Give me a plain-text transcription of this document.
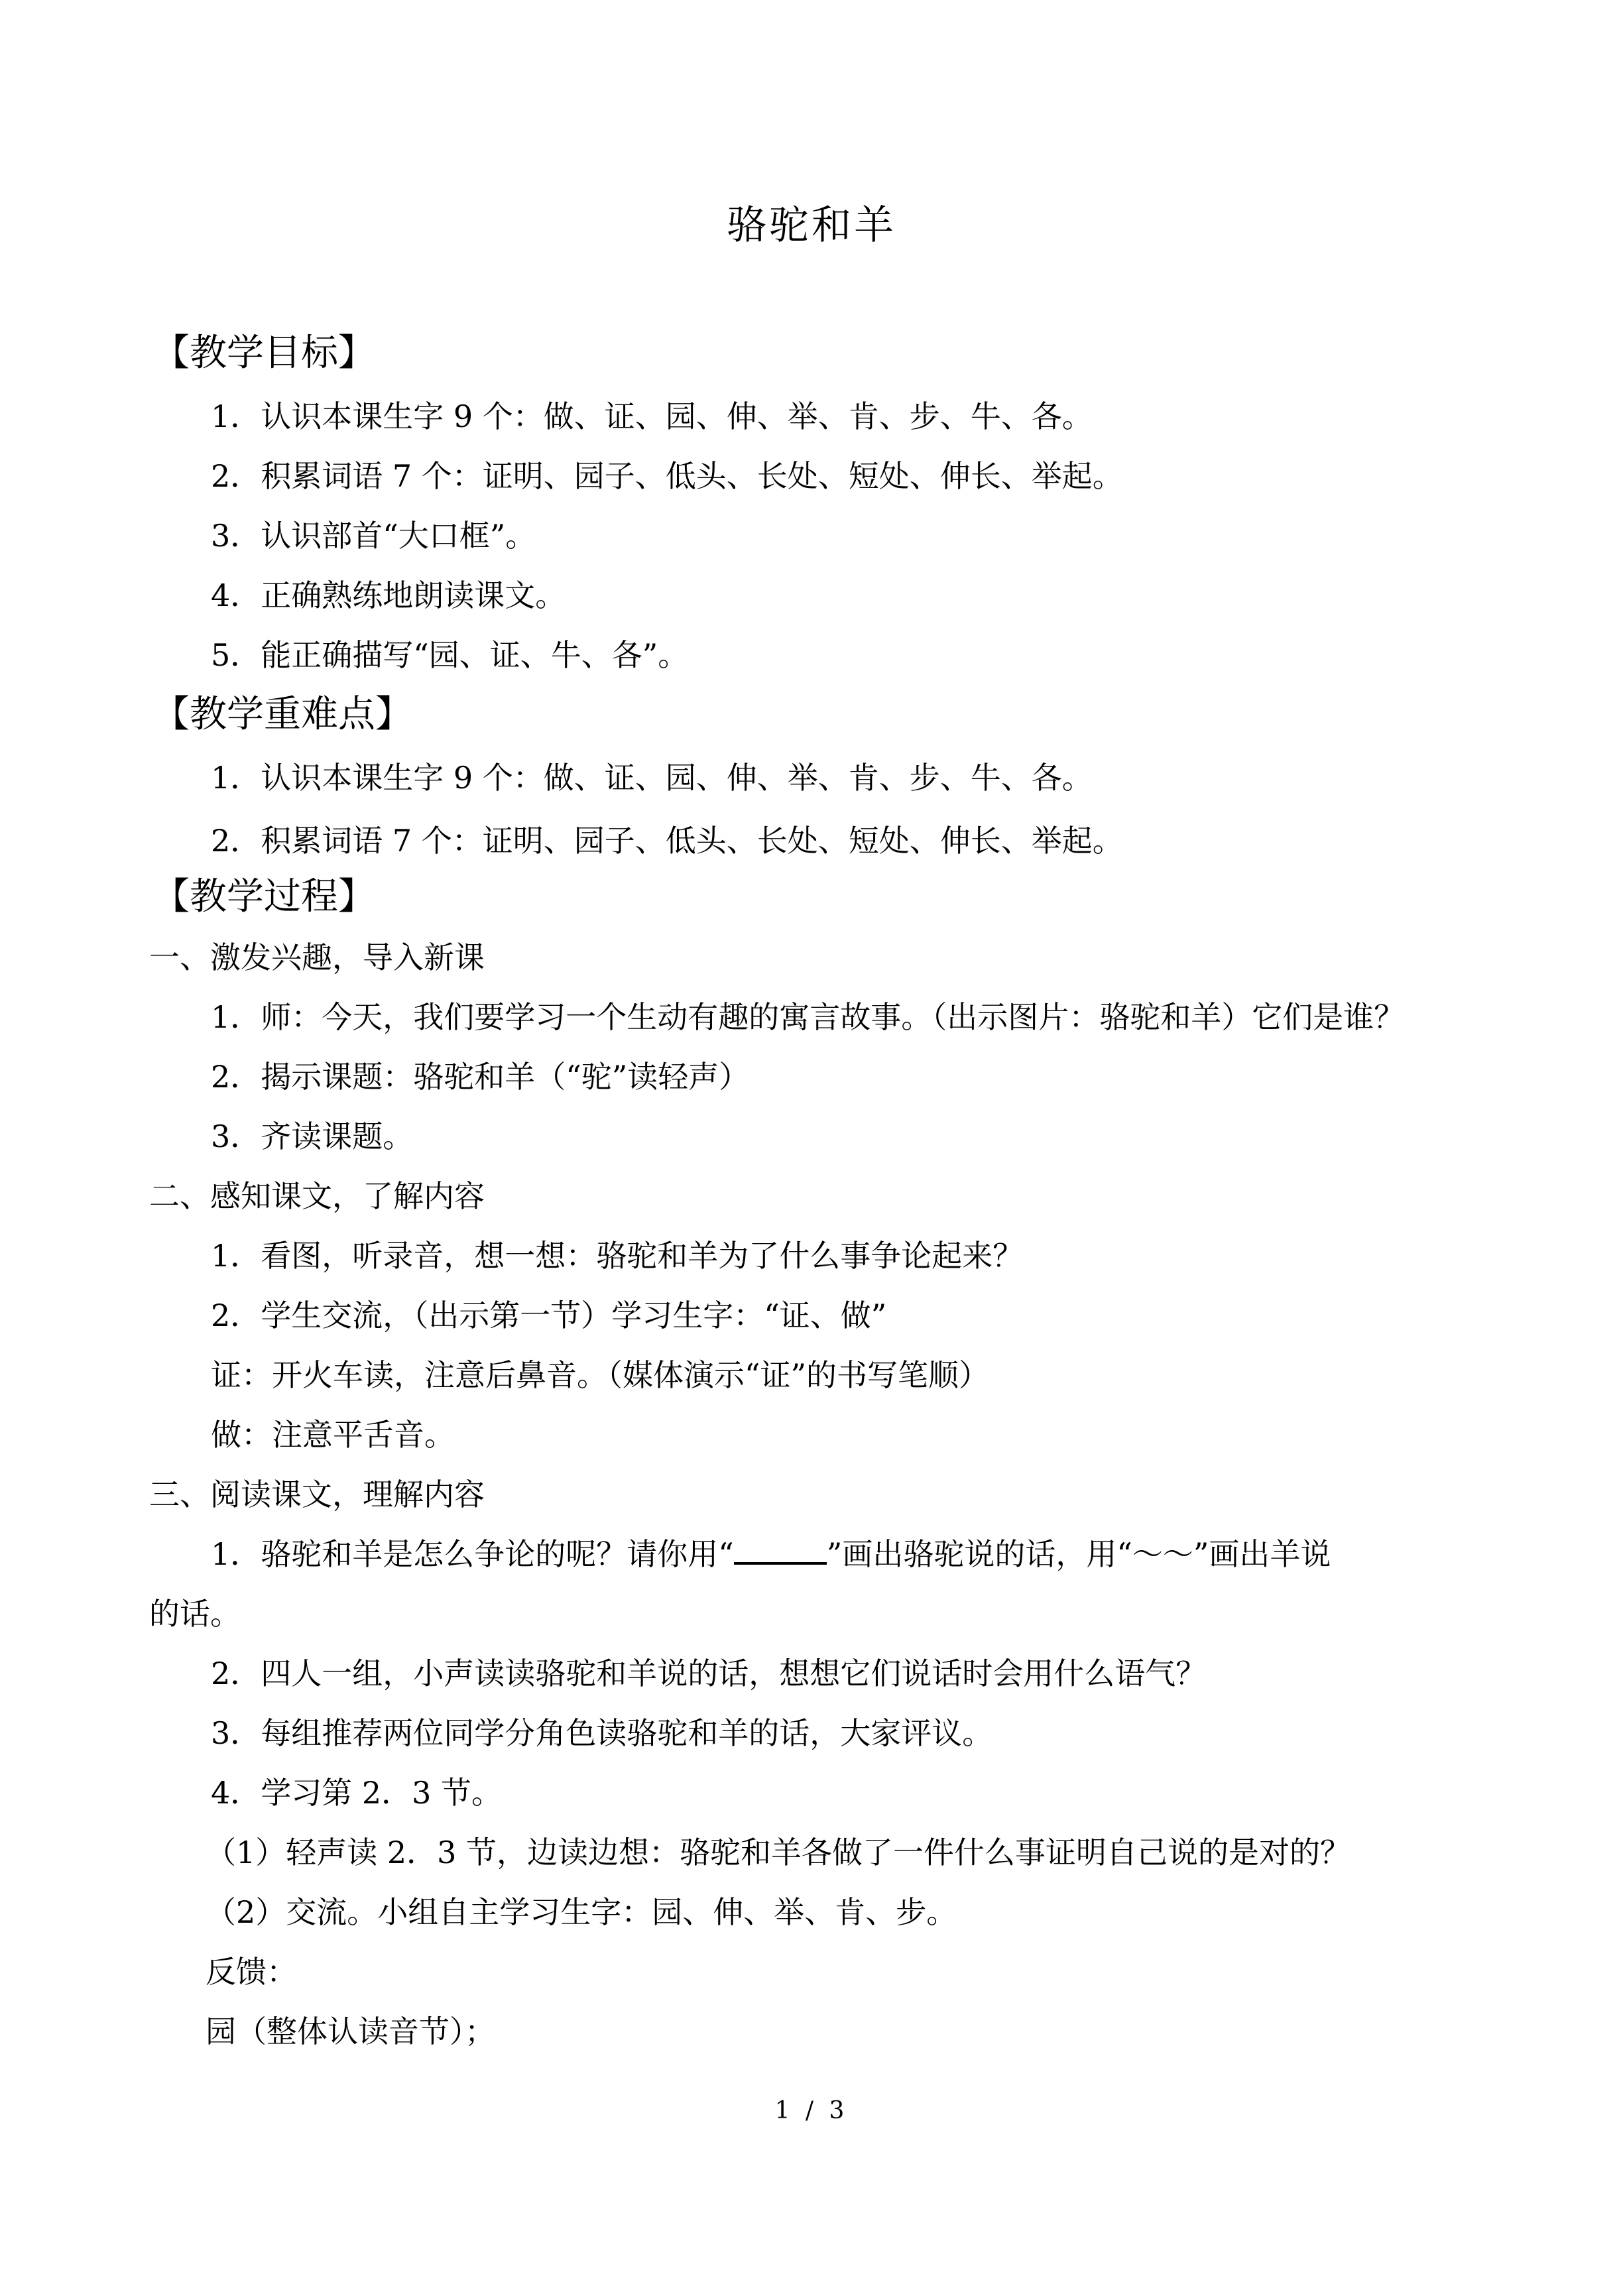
骆驼和羊
【教学目标】
1．认识本课生字 9 个：做、证、园、伸、举、肯、步、牛、各。
2．积累词语 7 个：证明、园子、低头、长处、短处、伸长、举起。
3．认识部首“大口框”。
4．正确熟练地朗读课文。
5．能正确描写“园、证、牛、各”。
【教学重难点】
1．认识本课生字 9 个：做、证、园、伸、举、肯、步、牛、各。
2．积累词语 7 个：证明、园子、低头、长处、短处、伸长、举起。
【教学过程】
一、激发兴趣，导入新课
1．师：今天，我们要学习一个生动有趣的寓言故事。（出示图片：骆驼和羊）它们是谁？
2．揭示课题：骆驼和羊（“驼”读轻声）
3．齐读课题。
二、感知课文，了解内容
1．看图，听录音，想一想：骆驼和羊为了什么事争论起来？
2．学生交流，（出示第一节）学习生字：“证、做”
证：开火车读，注意后鼻音。（媒体演示“证”的书写笔顺）
做：注意平舌音。
三、阅读课文，理解内容
1．骆驼和羊是怎么争论的呢？请你用“	”画出骆驼说的话，用“～～”画出羊说
的话。
2．四人一组，小声读读骆驼和羊说的话，想想它们说话时会用什么语气？
3．每组推荐两位同学分角色读骆驼和羊的话，大家评议。
4．学习第 2．3 节。
（1）轻声读 2．3 节，边读边想：骆驼和羊各做了一件什么事证明自己说的是对的？
（2）交流。小组自主学习生字：园、伸、举、肯、步。
反馈：
园（整体认读音节）；
1 / 3
